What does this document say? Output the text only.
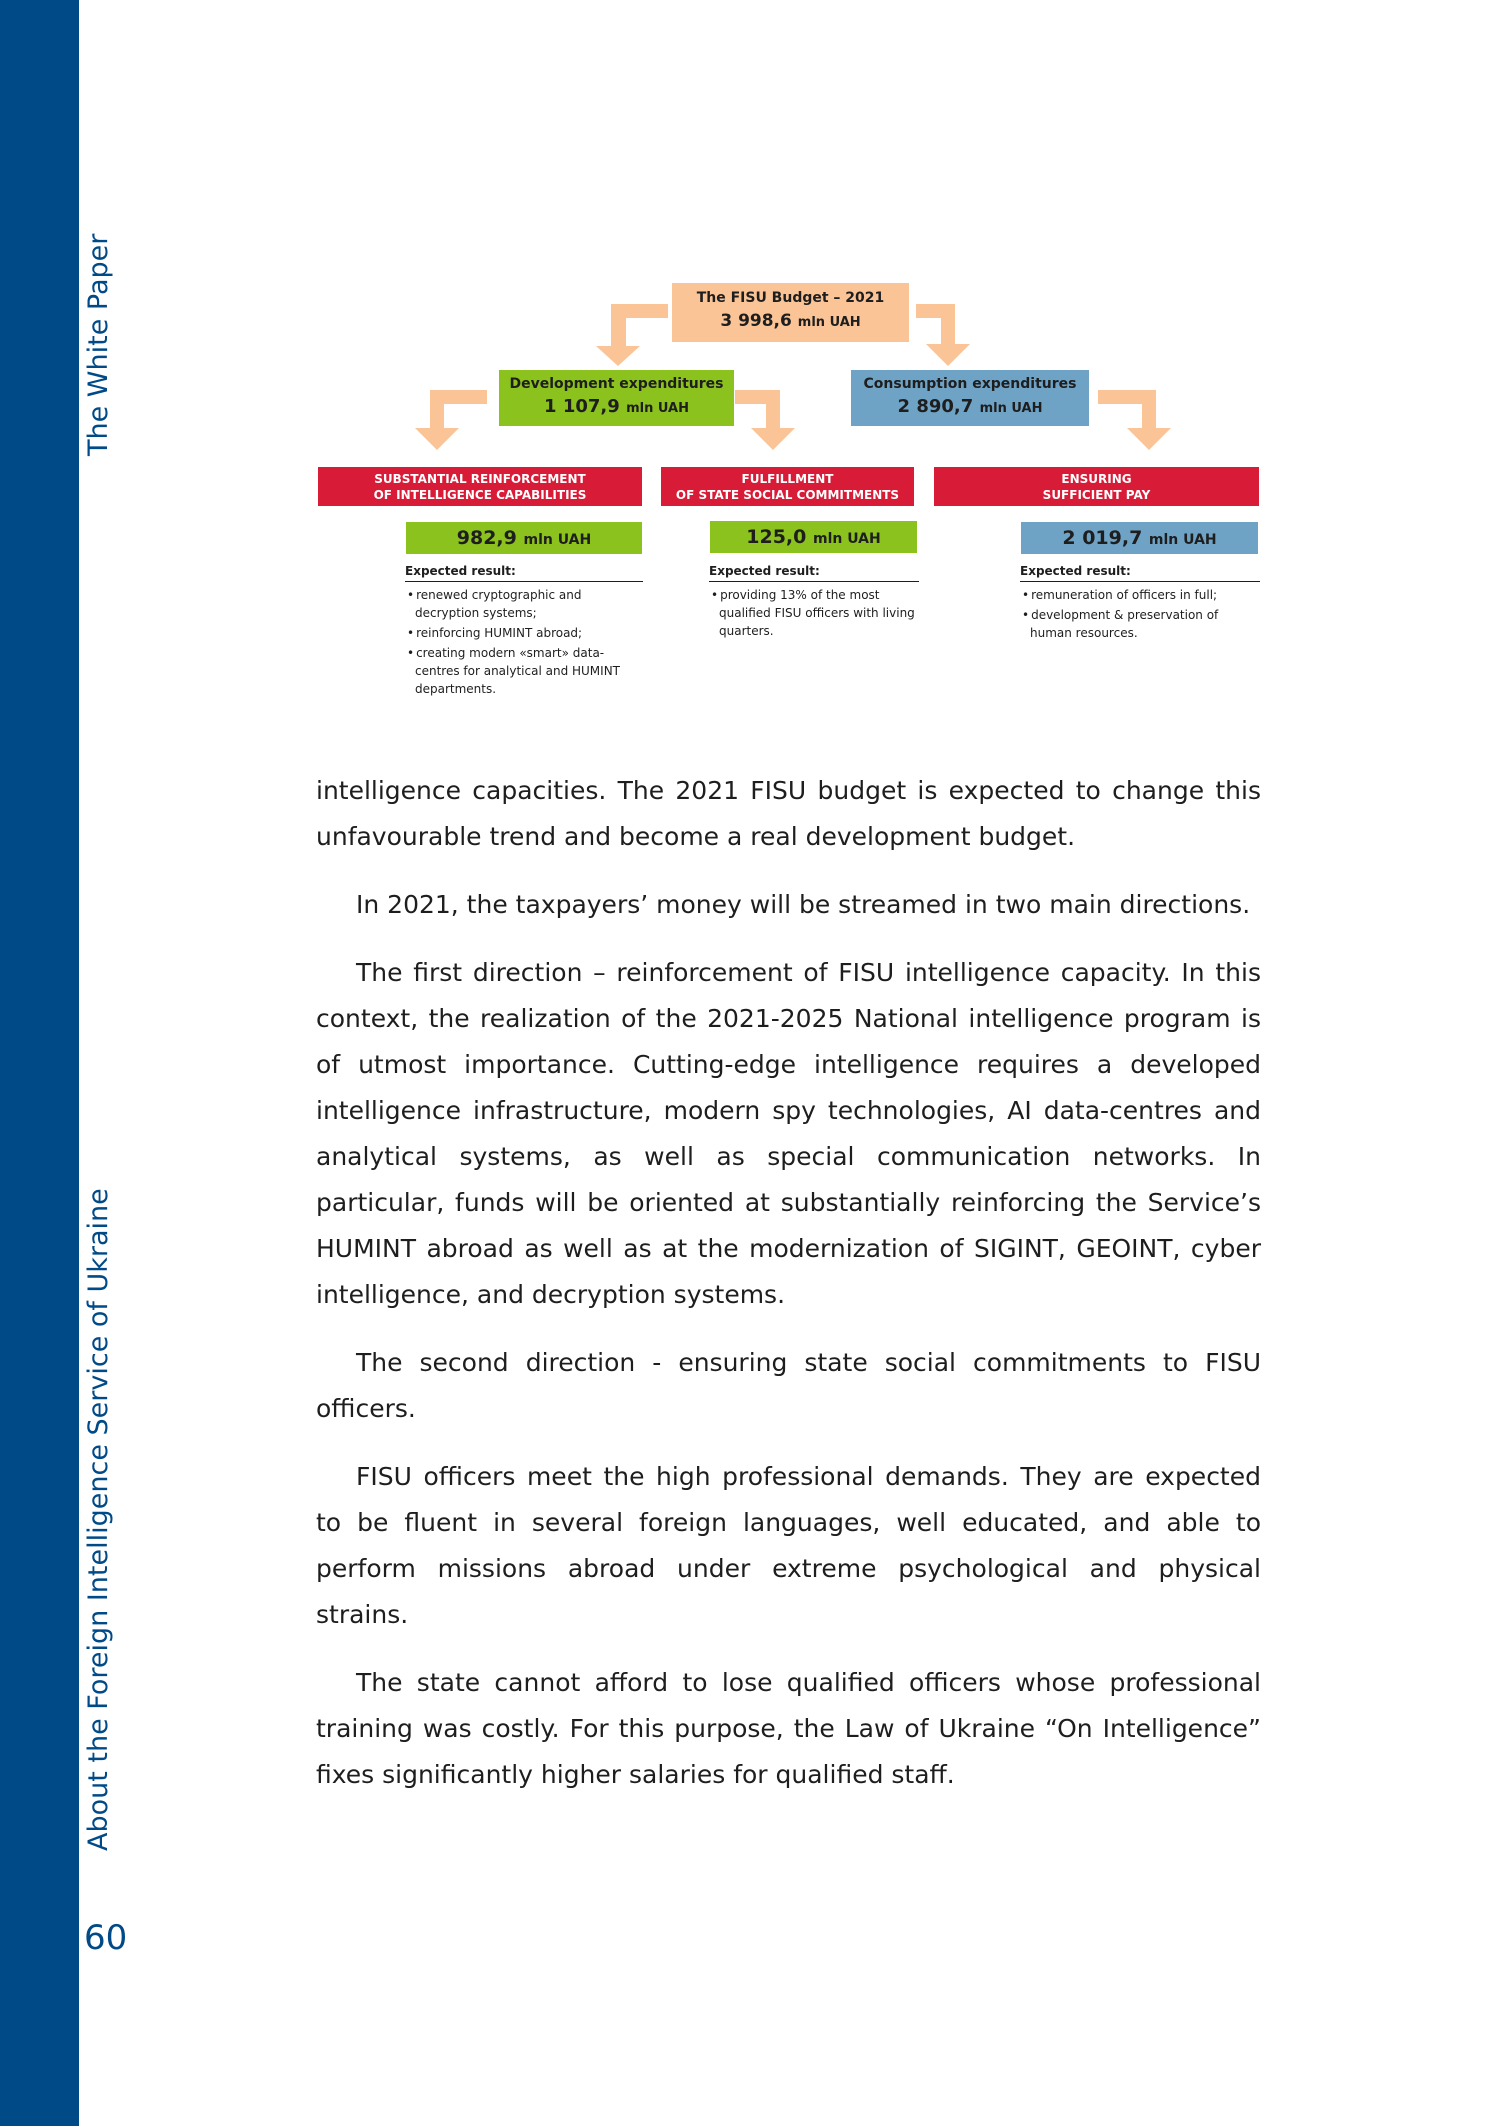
The White Paper
About the Foreign Intelligence Service of Ukraine
60
The FISU Budget – 2021
3 998,6 mln UAH
Development expenditures
1 107,9 mln UAH
Consumption expenditures
2 890,7 mln UAH
SUBSTANTIAL REINFORCEMENT
OF INTELLIGENCE CAPABILITIES
982,9 mln UAH
Expected result:
• renewed cryptographic and decryption systems;
• reinforcing HUMINT abroad;
• creating modern «smart» data-centres for analytical and HUMINT departments.
FULFILLMENT
OF STATE SOCIAL COMMITMENTS
125,0 mln UAH
Expected result:
• providing 13% of the most qualified FISU officers with living quarters.
ENSURING
SUFFICIENT PAY
2 019,7 mln UAH
Expected result:
• remuneration of officers in full;
• development & preservation of human resources.

intelligence capacities. The 2021 FISU budget is expected to change this unfavourable trend and become a real development budget.

In 2021, the taxpayers’ money will be streamed in two main directions.

The first direction – reinforcement of FISU intelligence capacity. In this context, the realization of the 2021-2025 National intelligence program is of utmost importance. Cutting-edge intelligence requires a developed intelligence infrastructure, modern spy technologies, AI data-centres and analytical systems, as well as special communication networks. In particular, funds will be oriented at substantially reinforcing the Service’s HUMINT abroad as well as at the modernization of SIGINT, GEOINT, cyber intelligence, and decryption systems.

The second direction - ensuring state social commitments to FISU officers.

FISU officers meet the high professional demands. They are expected to be fluent in several foreign languages, well educated, and able to perform missions abroad under extreme psychological and physical strains.

The state cannot afford to lose qualified officers whose professional training was costly. For this purpose, the Law of Ukraine “On Intelligence” fixes significantly higher salaries for qualified staff.
